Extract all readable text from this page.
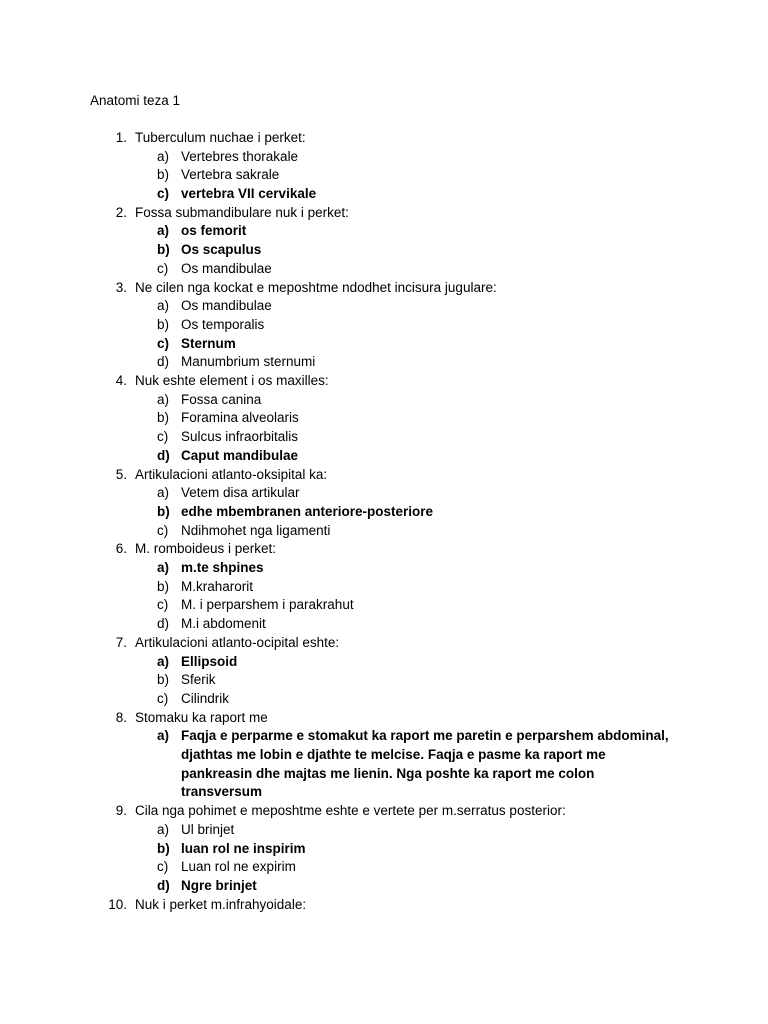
Anatomi teza 1
1. Tuberculum nuchae i perket:
a) Vertebres thorakale
b) Vertebra sakrale
c) vertebra VII cervikale
2. Fossa submandibulare nuk i perket:
a) os femorit
b) Os scapulus
c) Os mandibulae
3. Ne cilen nga kockat e meposhtme ndodhet incisura jugulare:
a) Os mandibulae
b) Os temporalis
c) Sternum
d) Manumbrium sternumi
4. Nuk eshte element i os maxilles:
a) Fossa canina
b) Foramina alveolaris
c) Sulcus infraorbitalis
d) Caput mandibulae
5. Artikulacioni atlanto-oksipital ka:
a) Vetem disa artikular
b) edhe mbembranen anteriore-posteriore
c) Ndihmohet nga ligamenti
6. M. romboideus i perket:
a) m.te shpines
b) M.kraharorit
c) M. i perparshem i parakrahut
d) M.i abdomenit
7. Artikulacioni atlanto-ocipital eshte:
a) Ellipsoid
b) Sferik
c) Cilindrik
8. Stomaku ka raport me
a) Faqja e perparme e stomakut ka raport me paretin e perparshem abdominal, djathtas me lobin e djathte te melcise. Faqja e pasme ka raport me pankreasin dhe majtas me lienin. Nga poshte ka raport me colon transversum
9. Cila nga pohimet e meposhtme eshte e vertete per m.serratus posterior:
a) Ul brinjet
b) luan rol ne inspirim
c) Luan rol ne expirim
d) Ngre brinjet
10. Nuk i perket m.infrahyoidale:
